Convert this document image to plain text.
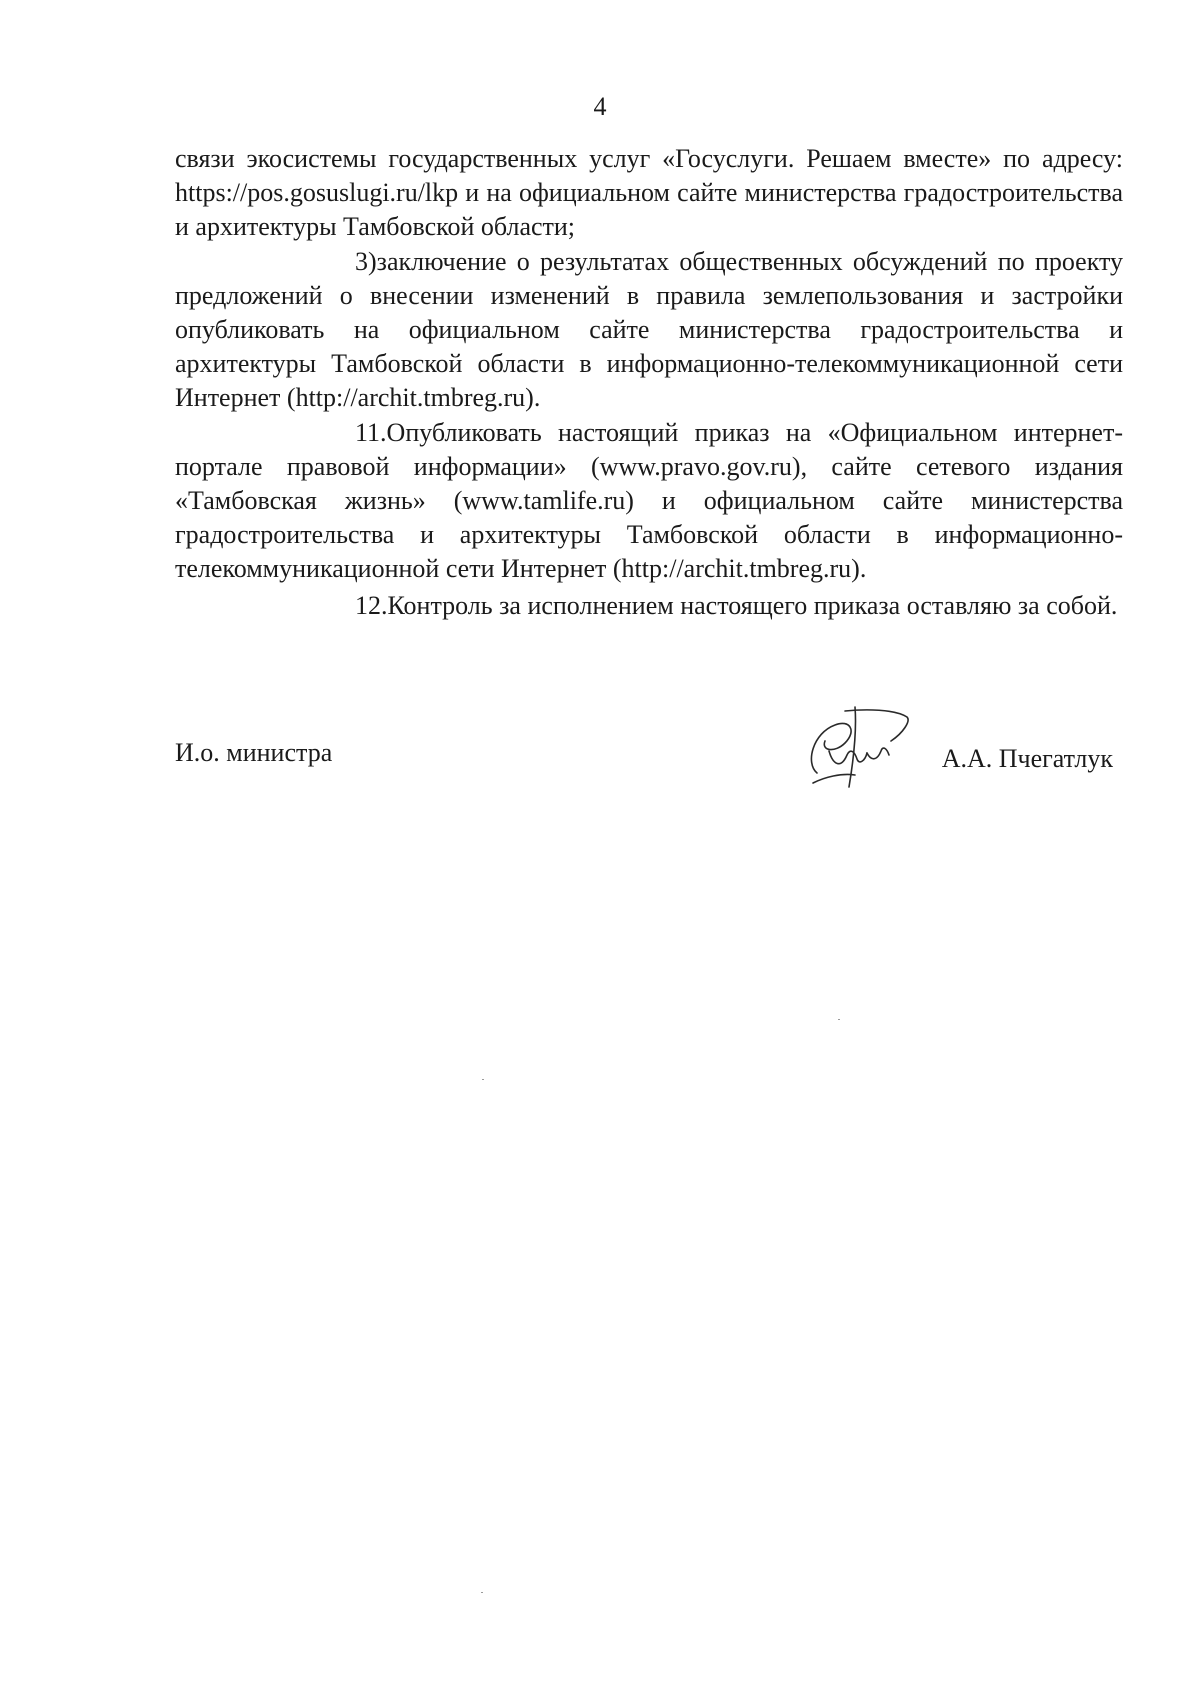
4

связи экосистемы государственных услуг «Госуслуги. Решаем вместе» по адресу: https://pos.gosuslugi.ru/lkp и на официальном сайте министерства градостроительства и архитектуры Тамбовской области;

3)заключение о результатах общественных обсуждений по проекту предложений о внесении изменений в правила землепользования и застройки опубликовать на официальном сайте министерства градостроительства и архитектуры Тамбовской области в информационно-телекоммуникационной сети Интернет (http://archit.tmbreg.ru).

11.Опубликовать настоящий приказ на «Официальном интернет-портале правовой информации» (www.pravo.gov.ru), сайте сетевого издания «Тамбовская жизнь» (www.tamlife.ru) и официальном сайте министерства градостроительства и архитектуры Тамбовской области в информационно-телекоммуникационной сети Интернет (http://archit.tmbreg.ru).

12.Контроль за исполнением настоящего приказа оставляю за собой.

И.о. министра	А.А. Пчегатлук
